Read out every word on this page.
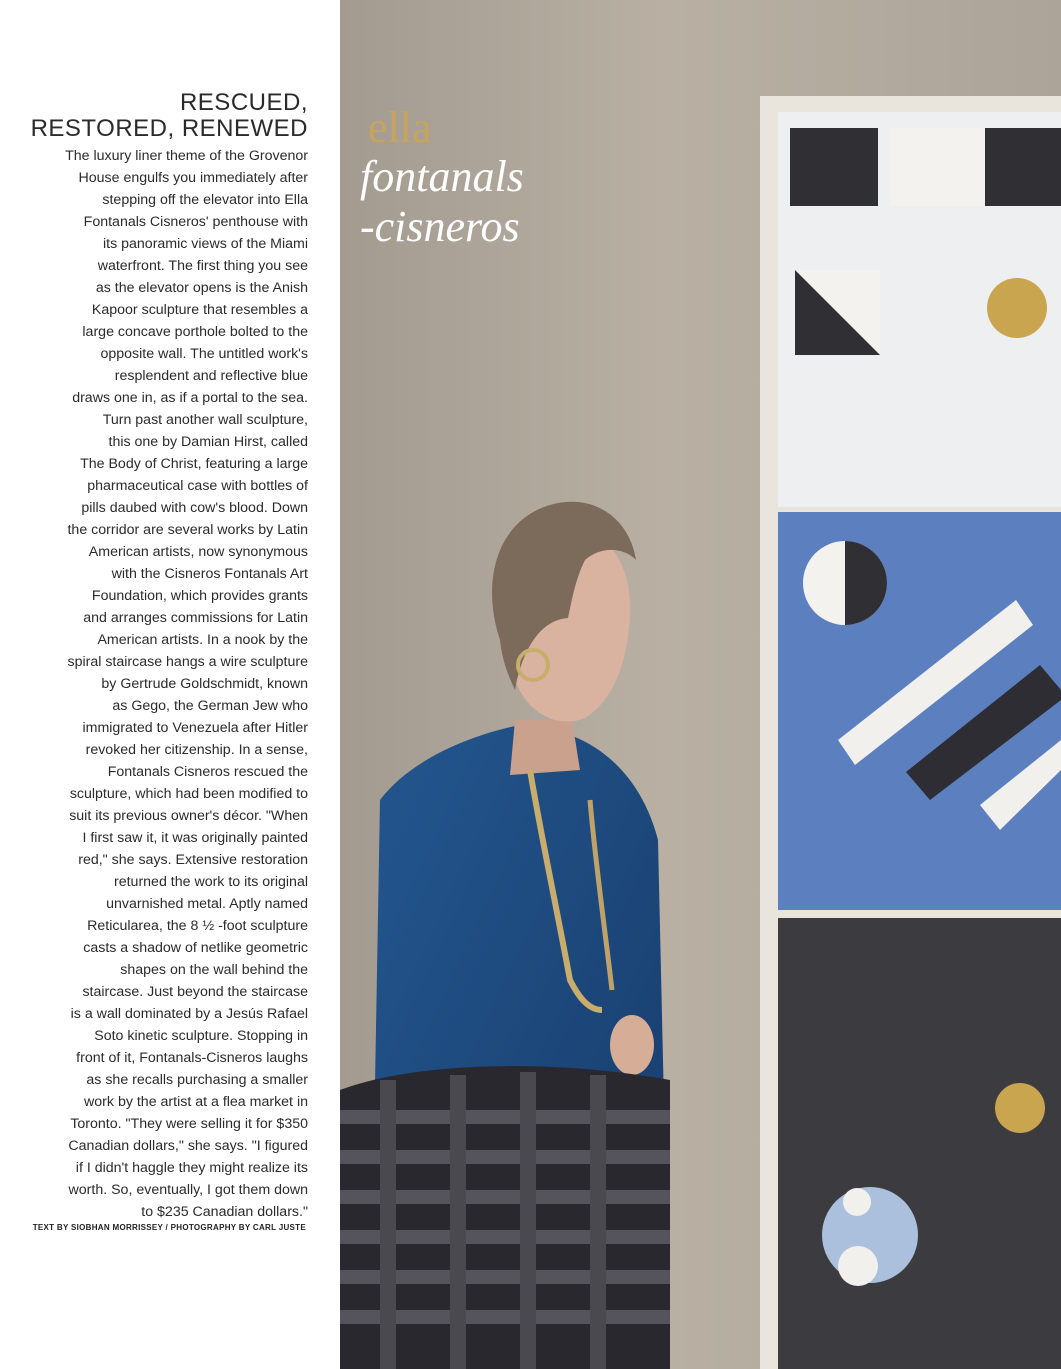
RESCUED,
RESTORED, RENEWED
The luxury liner theme of the Grovenor
House engulfs you immediately after
stepping off the elevator into Ella
Fontanals Cisneros' penthouse with
its panoramic views of the Miami
waterfront. The first thing you see
as the elevator opens is the Anish
Kapoor sculpture that resembles a
large concave porthole bolted to the
opposite wall. The untitled work's
resplendent and reflective blue
draws one in, as if a portal to the sea.
Turn past another wall sculpture,
this one by Damian Hirst, called
The Body of Christ, featuring a large
pharmaceutical case with bottles of
pills daubed with cow's blood. Down
the corridor are several works by Latin
American artists, now synonymous
with the Cisneros Fontanals Art
Foundation, which provides grants
and arranges commissions for Latin
American artists. In a nook by the
spiral staircase hangs a wire sculpture
by Gertrude Goldschmidt, known
as Gego, the German Jew who
immigrated to Venezuela after Hitler
revoked her citizenship. In a sense,
Fontanals Cisneros rescued the
sculpture, which had been modified to
suit its previous owner's décor. "When
I first saw it, it was originally painted
red," she says. Extensive restoration
returned the work to its original
unvarnished metal. Aptly named
Reticularea, the 8 ½ -foot sculpture
casts a shadow of netlike geometric
shapes on the wall behind the
staircase. Just beyond the staircase
is a wall dominated by a Jesús Rafael
Soto kinetic sculpture. Stopping in
front of it, Fontanals-Cisneros laughs
as she recalls purchasing a smaller
work by the artist at a flea market in
Toronto. "They were selling it for $350
Canadian dollars," she says. "I figured
if I didn't haggle they might realize its
worth. So, eventually, I got them down
to $235 Canadian dollars."
TEXT BY SIOBHAN MORRISSEY / PHOTOGRAPHY BY CARL JUSTE
ella
fontanals
-cisneros
